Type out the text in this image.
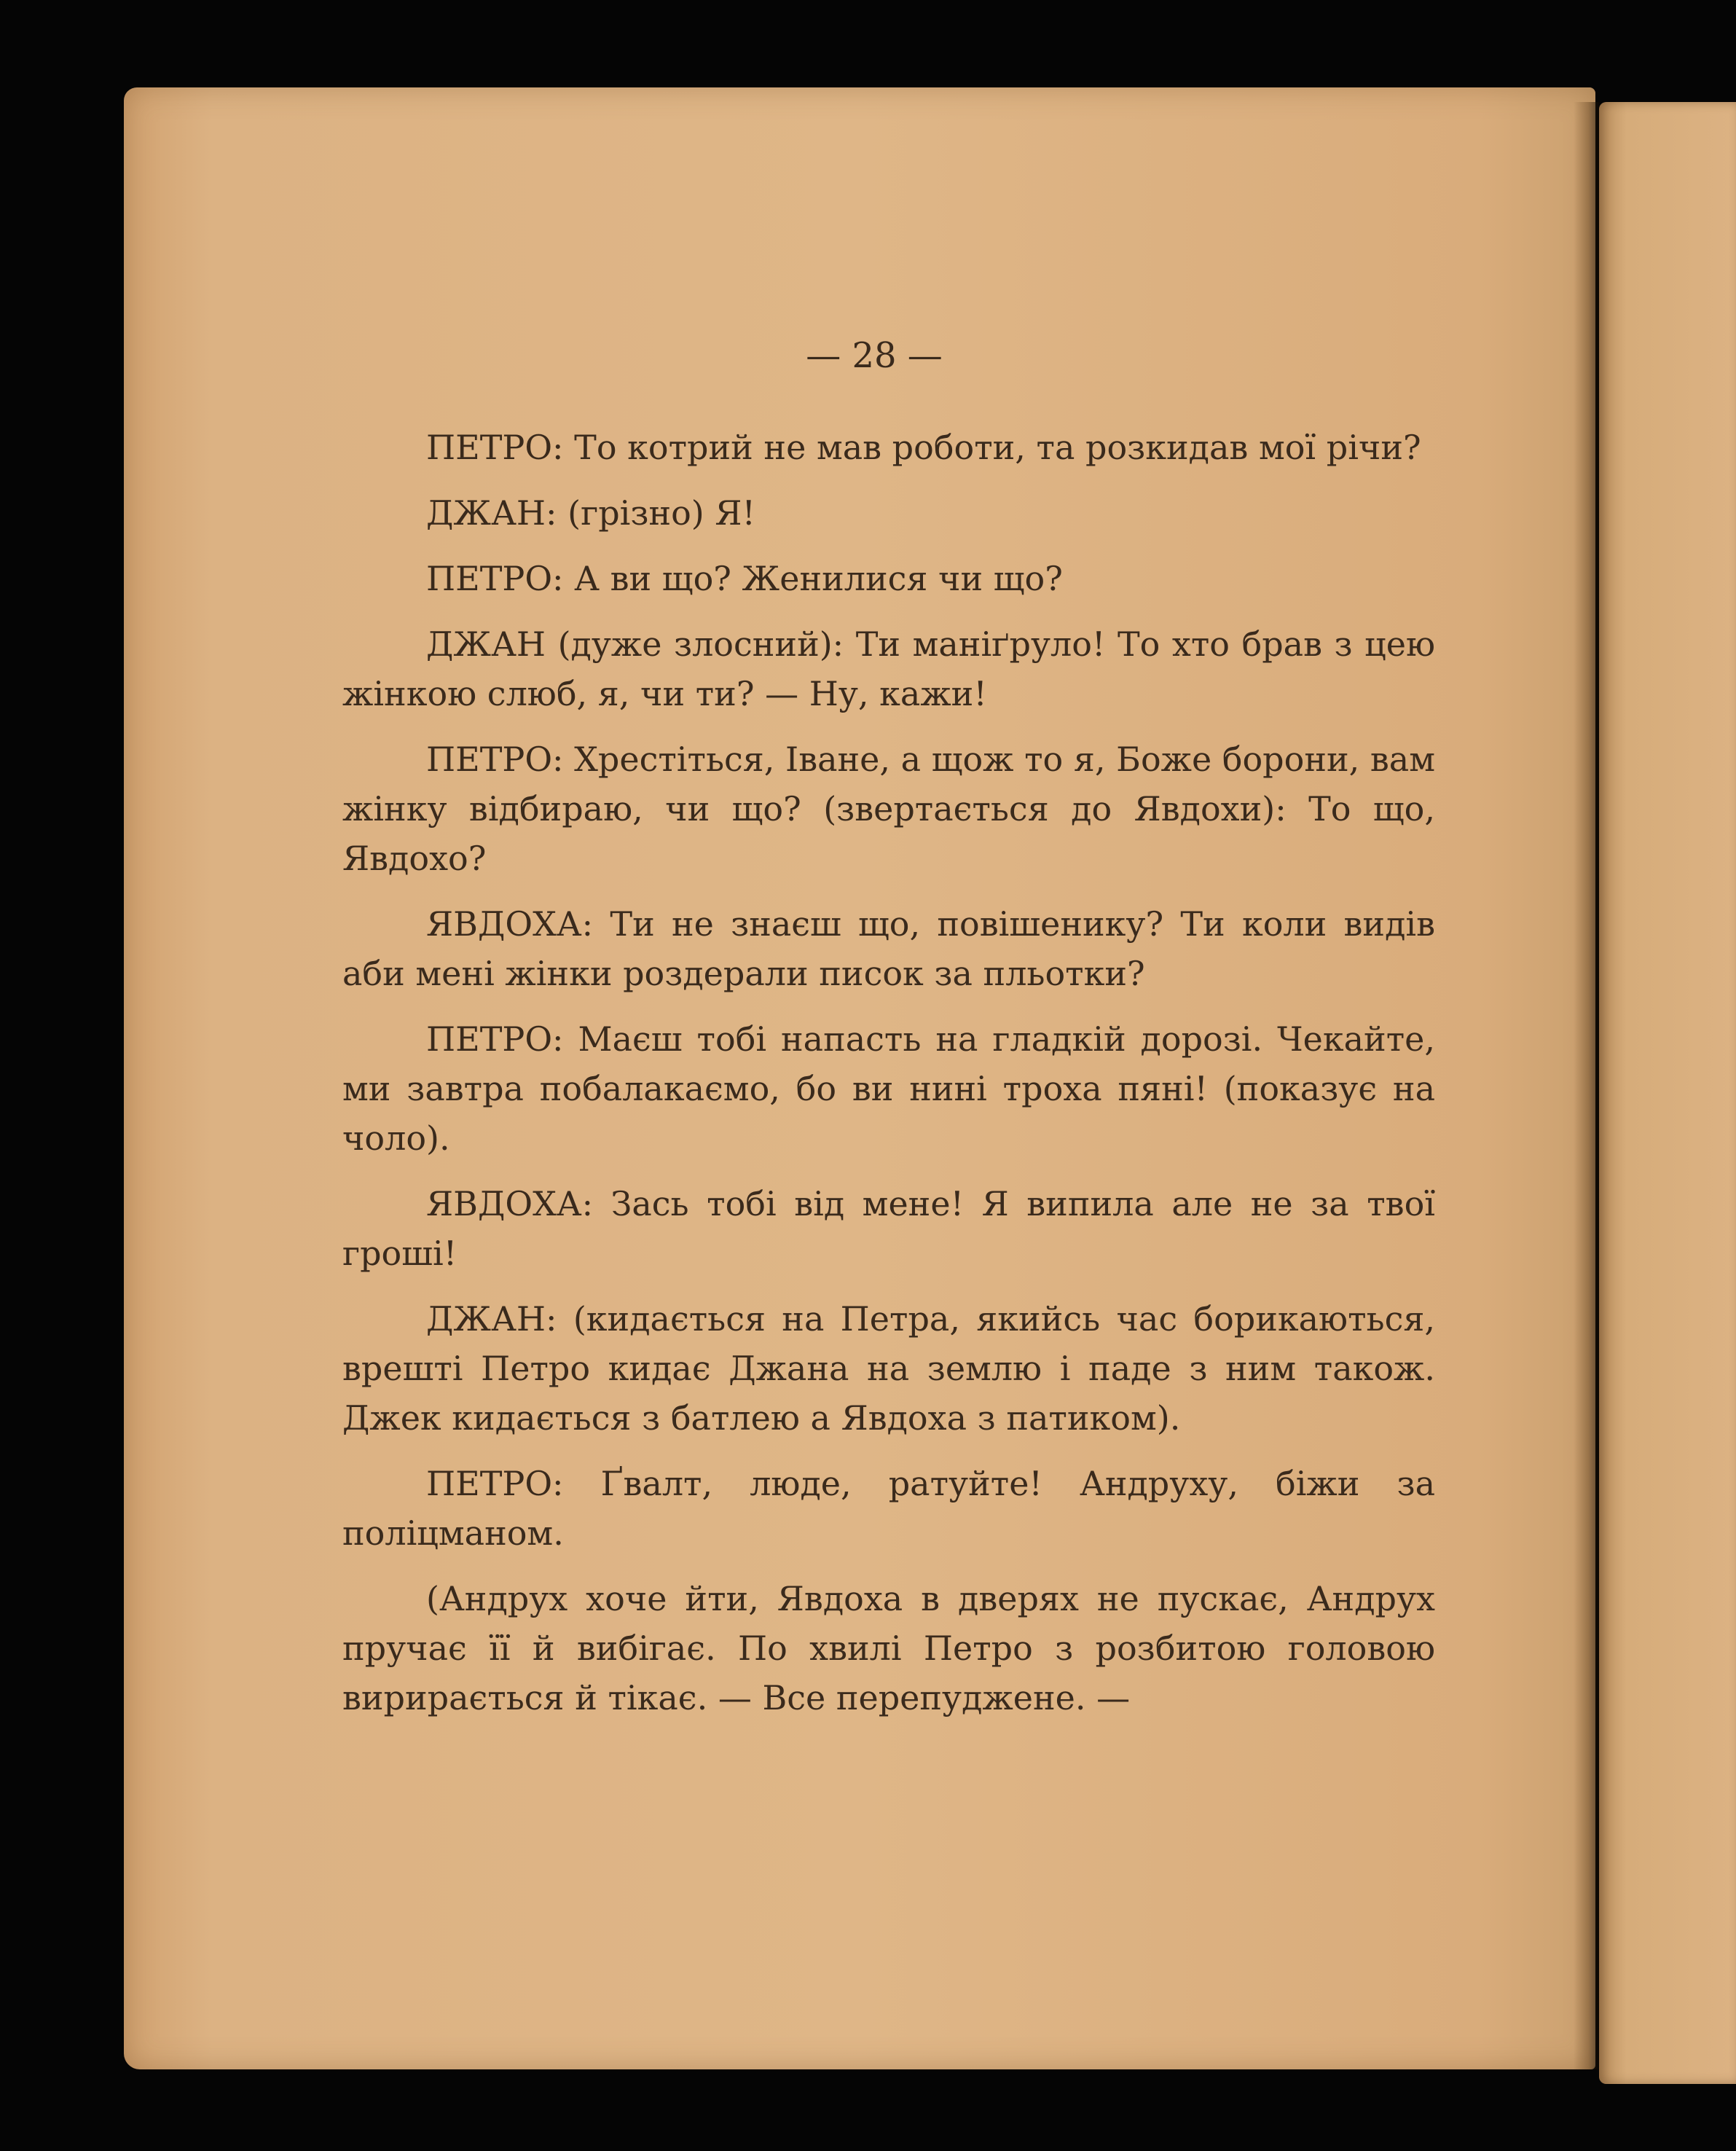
— 28 —

ПЕТРО: То котрий не мав роботи, та розкидав мої річи?

ДЖАН: (грізно) Я!

ПЕТРО: А ви що? Женилися чи що?

ДЖАН (дуже злосний): Ти маніґруло! То хто брав з цею жінкою слюб, я, чи ти? — Ну, кажи!

ПЕТРО: Хрестіться, Іване, а щож то я, Боже борони, вам жінку відбираю, чи що? (звертається до Явдохи): То що, Явдохо?

ЯВДОХА: Ти не знаєш що, повішенику? Ти коли видів аби мені жінки роздерали писок за пльотки?

ПЕТРО: Маєш тобі напасть на гладкій дорозі. Чекайте, ми завтра побалакаємо, бо ви нині троха пяні! (показує на чоло).

ЯВДОХА: Зась тобі від мене! Я випила але не за твої гроші!

ДЖАН: (кидається на Петра, якийсь час борикаються, врешті Петро кидає Джана на землю і паде з ним також. Джек кидається з батлею а Явдоха з патиком).

ПЕТРО: Ґвалт, люде, ратуйте! Андруху, біжи за поліцманом.

(Андрух хоче йти, Явдоха в дверях не пускає, Андрух пручає її й вибігає. По хвилі Петро з розбитою головою вирирається й тікає. — Все перепуджене. —
